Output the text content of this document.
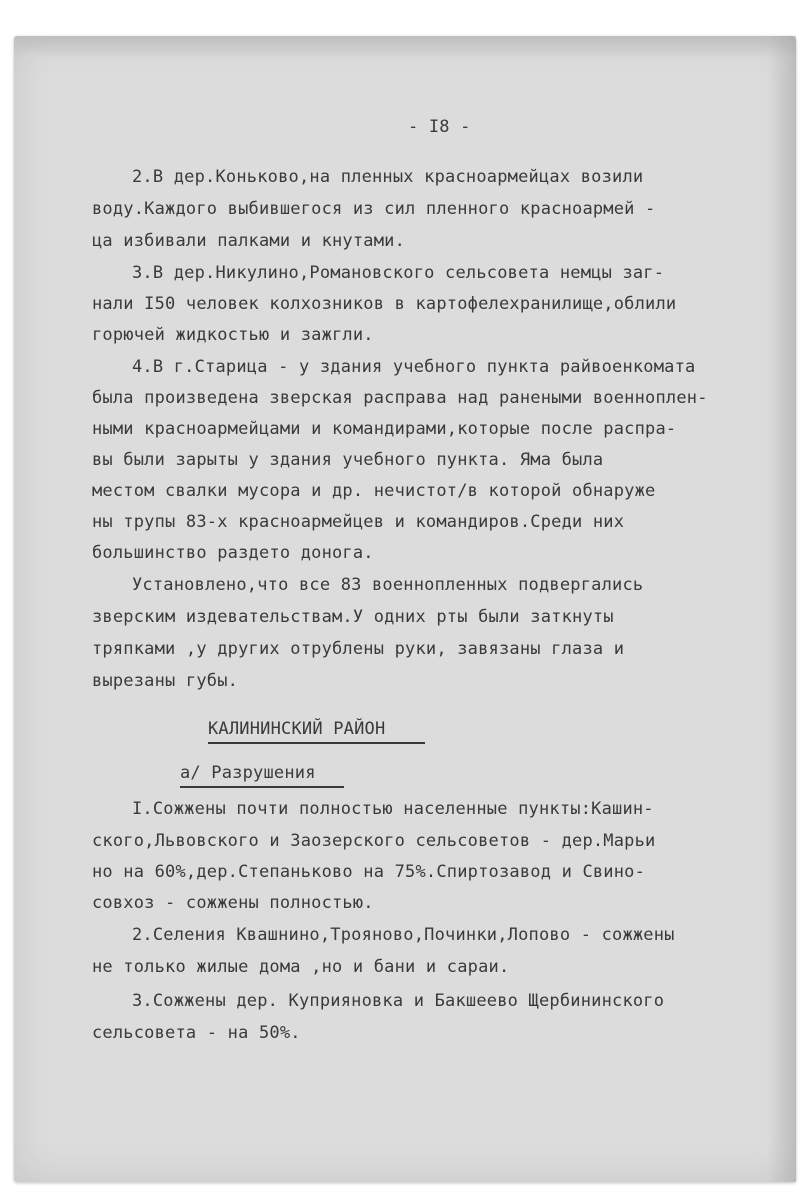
- I8 -
2.В дер.Коньково,на пленных красноармейцах возили
воду.Каждого выбившегося из сил пленного красноармей -
ца избивали палками и кнутами.
3.В дер.Никулино,Романовского сельсовета немцы заг-
нали I50 человек колхозников в картофелехранилище,облили
горючей жидкостью и зажгли.
4.В г.Старица - у здания учебного пункта райвоенкомата
была произведена зверская расправа над ранеными военноплен-
ными красноармейцами и командирами,которые после распра-
вы были зарыты у здания учебного пункта. Яма была
местом свалки мусора и др. нечистот/в которой обнаруже
ны трупы 83-х красноармейцев и командиров.Среди них
большинство раздето донога.
Установлено,что все 83 военнопленных подвергались
зверским издевательствам.У одних рты были заткнуты
тряпками ,у других отрублены руки, завязаны глаза и
вырезаны губы.
КАЛИНИНСКИЙ РАЙОН
а/ Разрушения
I.Сожжены почти полностью населенные пункты:Кашин-
ского,Львовского и Заозерского сельсоветов - дер.Марьи
но на 60%,дер.Степаньково на 75%.Спиртозавод и Свино-
совхоз - сожжены полностью.
2.Селения Квашнино,Трояново,Починки,Лопово - сожжены
не только жилые дома ,но и бани и сараи.
3.Сожжены дер. Куприяновка и Бакшеево Щербининского
сельсовета - на 50%.
